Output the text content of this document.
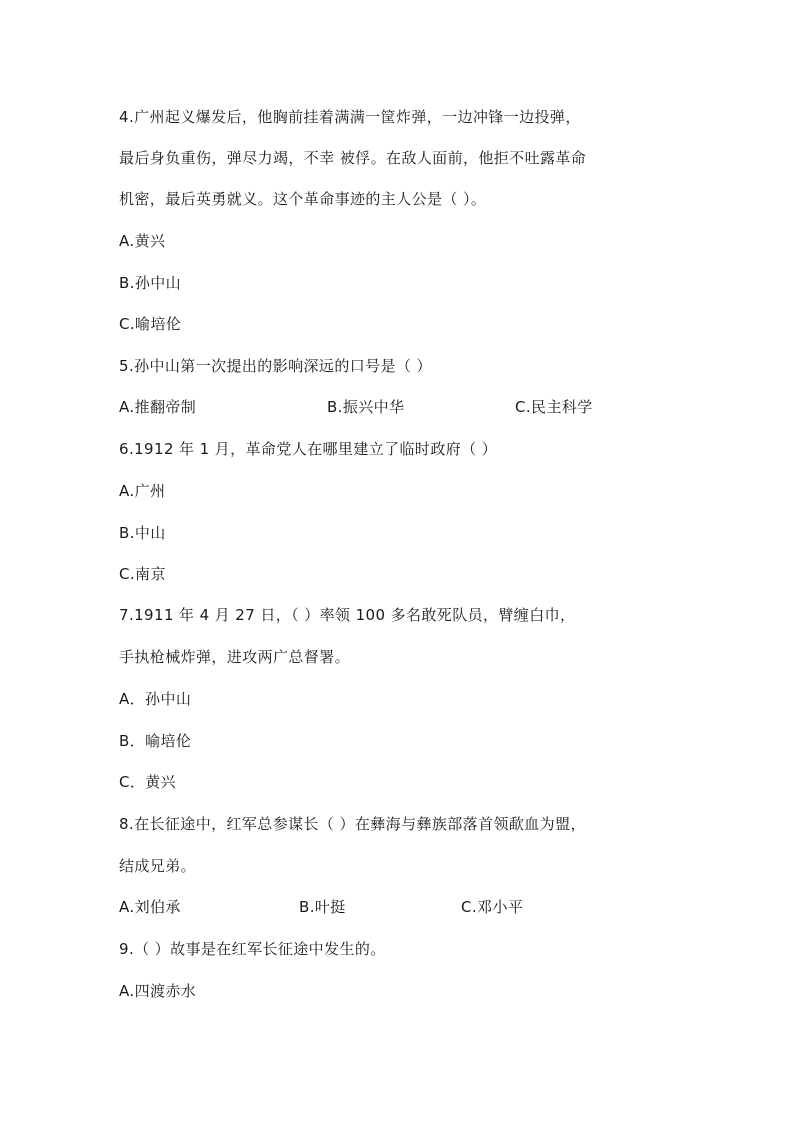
4.广州起义爆发后，他胸前挂着满满一筐炸弹，一边冲锋一边投弹，
最后身负重伤，弹尽力竭，不幸 被俘。在敌人面前，他拒不吐露革命
机密，最后英勇就义。这个革命事迹的主人公是（ ）。
A.黄兴
B.孙中山
C.喻培伦
5.孙中山第一次提出的影响深远的口号是（ ）
A.推翻帝制	B.振兴中华	C.民主科学
6.1912 年 1 月，革命党人在哪里建立了临时政府（ ）
A.广州
B.中山
C.南京
7.1911 年 4 月 27 日，（ ）率领 100 多名敢死队员，臂缠白巾，
手执枪械炸弹，进攻两广总督署。
A．孙中山
B．喻培伦
C．黄兴
8.在长征途中，红军总参谋长（ ）在彝海与彝族部落首领歃血为盟，
结成兄弟。
A.刘伯承	B.叶挺	C.邓小平
9.（ ）故事是在红军长征途中发生的。
A.四渡赤水
